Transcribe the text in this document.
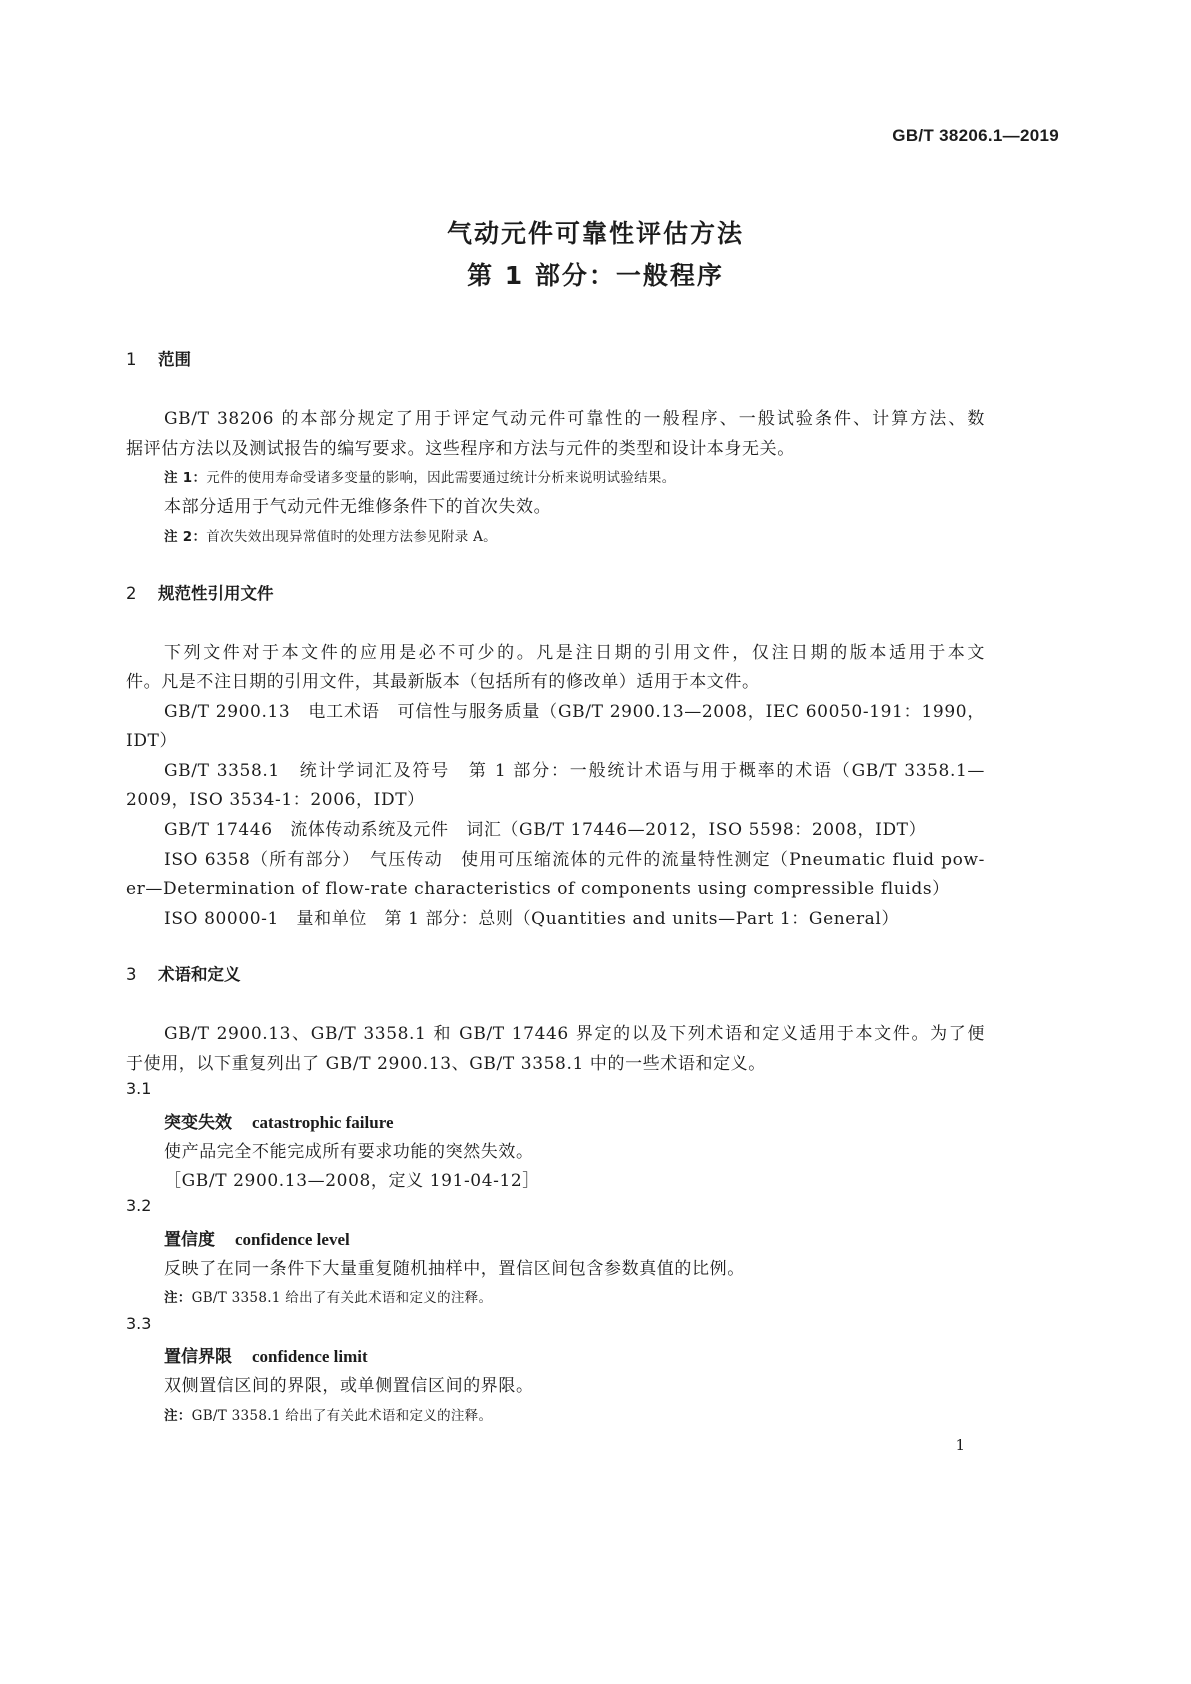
GB/T 38206.1—2019
气动元件可靠性评估方法
第 1 部分：一般程序
1 范围
GB/T 38206 的本部分规定了用于评定气动元件可靠性的一般程序、一般试验条件、计算方法、数
据评估方法以及测试报告的编写要求。这些程序和方法与元件的类型和设计本身无关。
注 1：元件的使用寿命受诸多变量的影响，因此需要通过统计分析来说明试验结果。
本部分适用于气动元件无维修条件下的首次失效。
注 2：首次失效出现异常值时的处理方法参见附录 A。
2 规范性引用文件
下列文件对于本文件的应用是必不可少的。凡是注日期的引用文件，仅注日期的版本适用于本文
件。凡是不注日期的引用文件，其最新版本（包括所有的修改单）适用于本文件。
GB/T 2900.13　电工术语　可信性与服务质量（GB/T 2900.13—2008，IEC 60050-191：1990，
IDT）
GB/T 3358.1　统计学词汇及符号　第 1 部分：一般统计术语与用于概率的术语（GB/T 3358.1—
2009，ISO 3534-1：2006，IDT）
GB/T 17446　流体传动系统及元件　词汇（GB/T 17446—2012，ISO 5598：2008，IDT）
ISO 6358（所有部分）　气压传动　使用可压缩流体的元件的流量特性测定（Pneumatic fluid pow-
er—Determination of flow-rate characteristics of components using compressible fluids）
ISO 80000-1　量和单位　第 1 部分：总则（Quantities and units—Part 1：General）
3 术语和定义
GB/T 2900.13、GB/T 3358.1 和 GB/T 17446 界定的以及下列术语和定义适用于本文件。为了便
于使用，以下重复列出了 GB/T 2900.13、GB/T 3358.1 中的一些术语和定义。
3.1
突变失效 catastrophic failure
使产品完全不能完成所有要求功能的突然失效。
［GB/T 2900.13—2008，定义 191-04-12］
3.2
置信度 confidence level
反映了在同一条件下大量重复随机抽样中，置信区间包含参数真值的比例。
注：GB/T 3358.1 给出了有关此术语和定义的注释。
3.3
置信界限 confidence limit
双侧置信区间的界限，或单侧置信区间的界限。
注：GB/T 3358.1 给出了有关此术语和定义的注释。
1
